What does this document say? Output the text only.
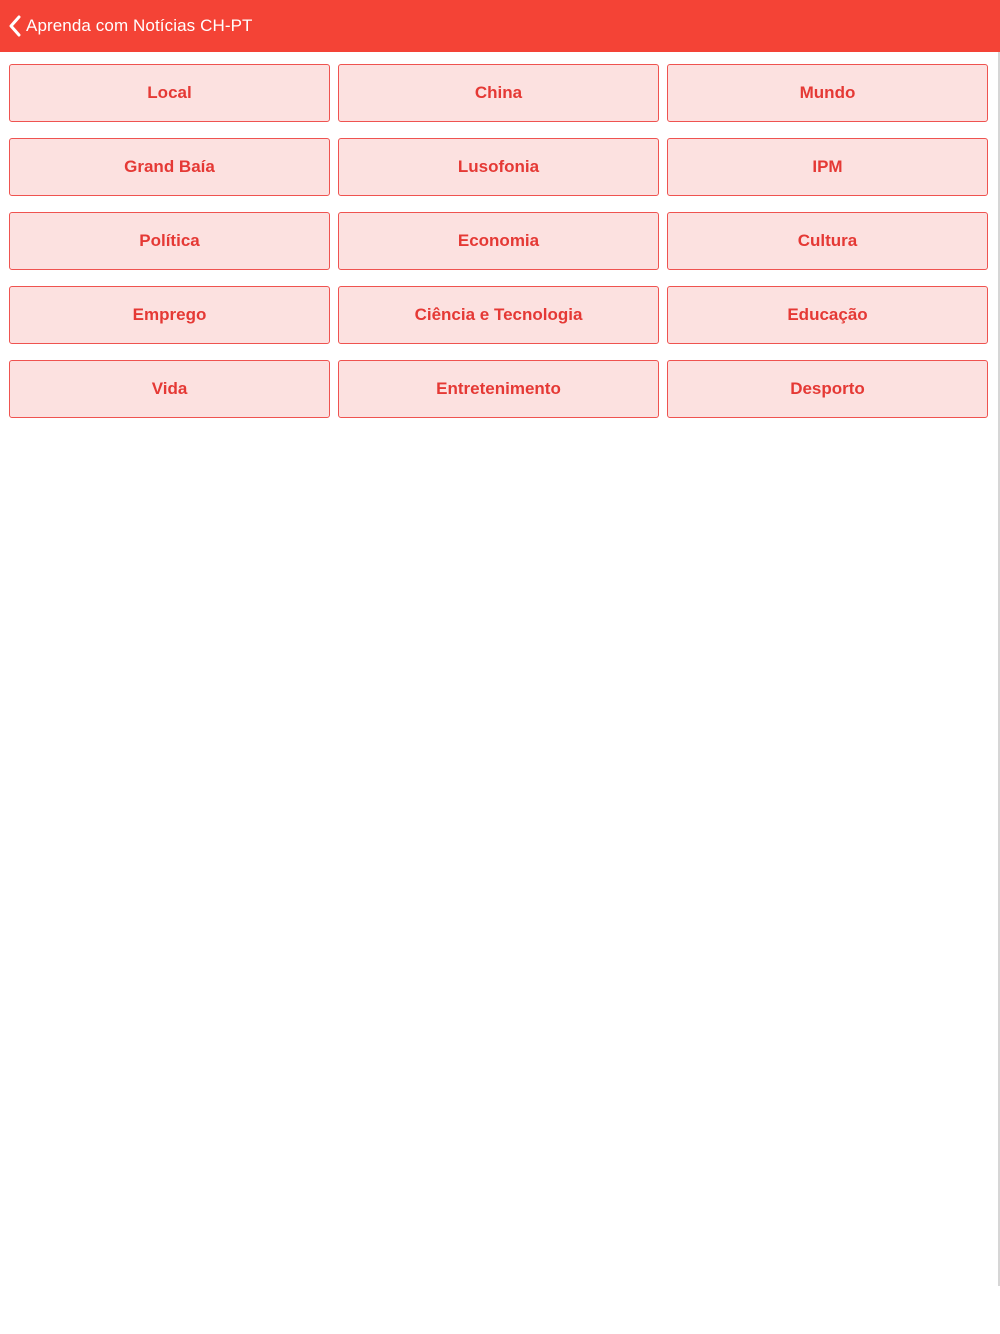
Aprenda com Notícias CH-PT
Local	China	Mundo
Grand Baía	Lusofonia	IPM
Política	Economia	Cultura
Emprego	Ciência e Tecnologia	Educação
Vida	Entretenimento	Desporto
